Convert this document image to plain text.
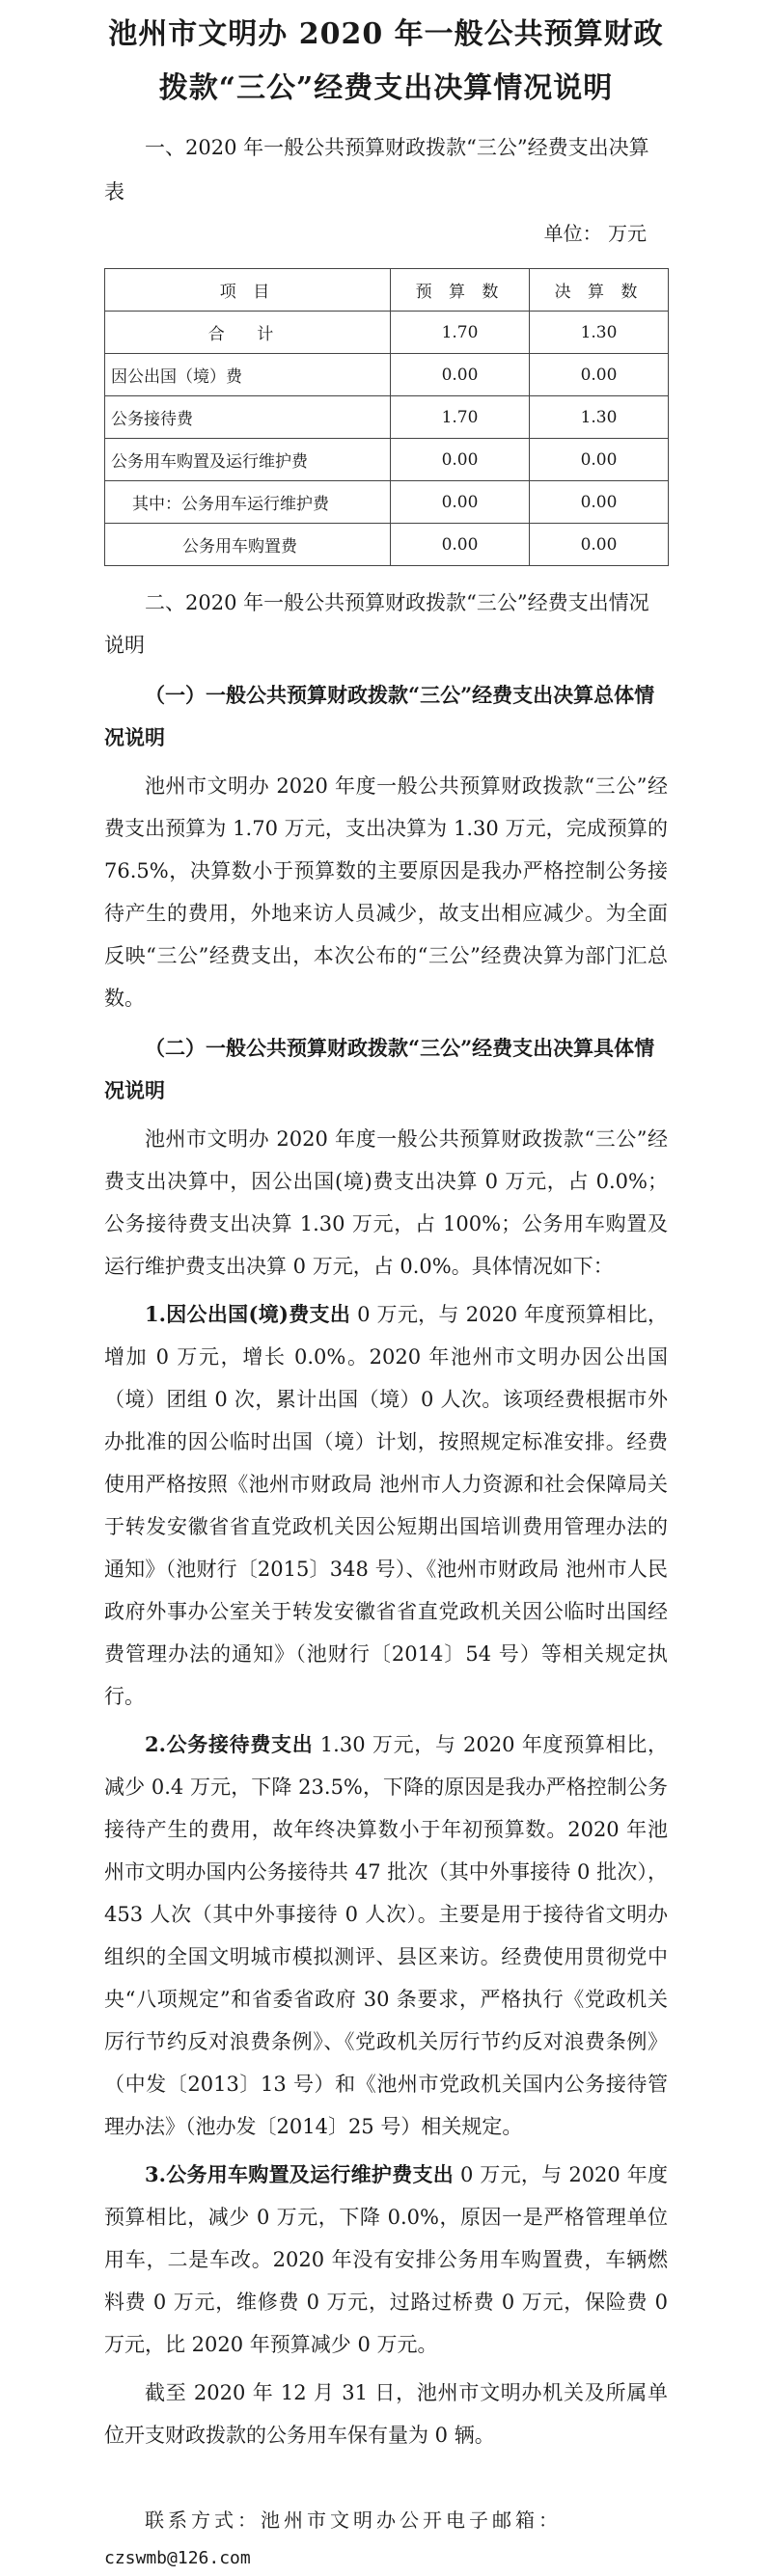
池州市文明办 2020 年一般公共预算财政
拨款“三公”经费支出决算情况说明

一、2020 年一般公共预算财政拨款“三公”经费支出决算表

单位： 万元
项 目	预 算 数	决 算 数
合 计	1.70	1.30
因公出国（境）费	0.00	0.00
公务接待费	1.70	1.30
公务用车购置及运行维护费	0.00	0.00
其中：公务用车运行维护费	0.00	0.00
公务用车购置费	0.00	0.00

二、2020 年一般公共预算财政拨款“三公”经费支出情况说明

（一）一般公共预算财政拨款“三公”经费支出决算总体情况说明

池州市文明办 2020 年度一般公共预算财政拨款“三公”经费支出预算为 1.70 万元，支出决算为 1.30 万元，完成预算的 76.5%，决算数小于预算数的主要原因是我办严格控制公务接待产生的费用，外地来访人员减少，故支出相应减少。为全面反映“三公”经费支出，本次公布的“三公”经费决算为部门汇总数。

（二）一般公共预算财政拨款“三公”经费支出决算具体情况说明

池州市文明办 2020 年度一般公共预算财政拨款“三公”经费支出决算中，因公出国(境)费支出决算 0 万元，占 0.0%；公务接待费支出决算 1.30 万元，占 100%；公务用车购置及运行维护费支出决算 0 万元，占 0.0%。具体情况如下：

1.因公出国(境)费支出 0 万元，与 2020 年度预算相比，增加 0 万元，增长 0.0%。2020 年池州市文明办因公出国（境）团组 0 次，累计出国（境）0 人次。该项经费根据市外办批准的因公临时出国（境）计划，按照规定标准安排。经费使用严格按照《池州市财政局 池州市人力资源和社会保障局关于转发安徽省省直党政机关因公短期出国培训费用管理办法的通知》（池财行〔2015〕348 号）、《池州市财政局 池州市人民政府外事办公室关于转发安徽省省直党政机关因公临时出国经费管理办法的通知》（池财行〔2014〕54 号）等相关规定执行。

2.公务接待费支出 1.30 万元，与 2020 年度预算相比，减少 0.4 万元，下降 23.5%，下降的原因是我办严格控制公务接待产生的费用，故年终决算数小于年初预算数。2020 年池州市文明办国内公务接待共 47 批次（其中外事接待 0 批次），453 人次（其中外事接待 0 人次）。主要是用于接待省文明办组织的全国文明城市模拟测评、县区来访。经费使用贯彻党中央“八项规定”和省委省政府 30 条要求，严格执行《党政机关厉行节约反对浪费条例》、《党政机关厉行节约反对浪费条例》（中发〔2013〕13 号）和《池州市党政机关国内公务接待管理办法》（池办发〔2014〕25 号）相关规定。

3.公务用车购置及运行维护费支出 0 万元，与 2020 年度预算相比，减少 0 万元，下降 0.0%，原因一是严格管理单位用车，二是车改。2020 年没有安排公务用车购置费，车辆燃料费 0 万元，维修费 0 万元，过路过桥费 0 万元，保险费 0 万元，比 2020 年预算减少 0 万元。

截至 2020 年 12 月 31 日，池州市文明办机关及所属单位开支财政拨款的公务用车保有量为 0 辆。

联系方式：池州市文明办公开电子邮箱：

czswmb@126.com
